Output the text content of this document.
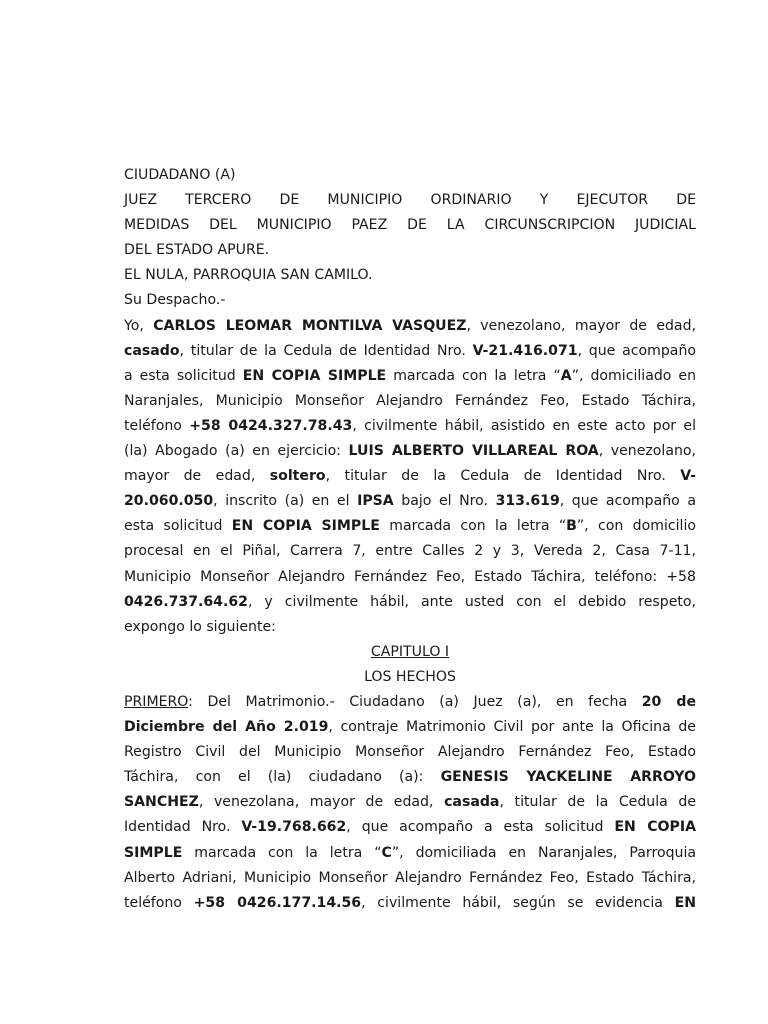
CIUDADANO (A)
JUEZ TERCERO DE MUNICIPIO ORDINARIO Y EJECUTOR DE
MEDIDAS DEL MUNICIPIO PAEZ DE LA CIRCUNSCRIPCION JUDICIAL
DEL ESTADO APURE.
EL NULA, PARROQUIA SAN CAMILO.
Su Despacho.-
Yo, CARLOS LEOMAR MONTILVA VASQUEZ, venezolano, mayor de edad,
casado, titular de la Cedula de Identidad Nro. V-21.416.071, que acompaño
a esta solicitud EN COPIA SIMPLE marcada con la letra “A”, domiciliado en
Naranjales, Municipio Monseñor Alejandro Fernández Feo, Estado Táchira,
teléfono +58 0424.327.78.43, civilmente hábil, asistido en este acto por el
(la) Abogado (a) en ejercicio: LUIS ALBERTO VILLAREAL ROA, venezolano,
mayor de edad, soltero, titular de la Cedula de Identidad Nro. V-
20.060.050, inscrito (a) en el IPSA bajo el Nro. 313.619, que acompaño a
esta solicitud EN COPIA SIMPLE marcada con la letra “B”, con domicilio
procesal en el Piñal, Carrera 7, entre Calles 2 y 3, Vereda 2, Casa 7-11,
Municipio Monseñor Alejandro Fernández Feo, Estado Táchira, teléfono: +58
0426.737.64.62, y civilmente hábil, ante usted con el debido respeto,
expongo lo siguiente:
CAPITULO I
LOS HECHOS
PRIMERO: Del Matrimonio.- Ciudadano (a) Juez (a), en fecha 20 de
Diciembre del Año 2.019, contraje Matrimonio Civil por ante la Oficina de
Registro Civil del Municipio Monseñor Alejandro Fernández Feo, Estado
Táchira, con el (la) ciudadano (a): GENESIS YACKELINE ARROYO
SANCHEZ, venezolana, mayor de edad, casada, titular de la Cedula de
Identidad Nro. V-19.768.662, que acompaño a esta solicitud EN COPIA
SIMPLE marcada con la letra “C”, domiciliada en Naranjales, Parroquia
Alberto Adriani, Municipio Monseñor Alejandro Fernández Feo, Estado Táchira,
teléfono +58 0426.177.14.56, civilmente hábil, según se evidencia EN
